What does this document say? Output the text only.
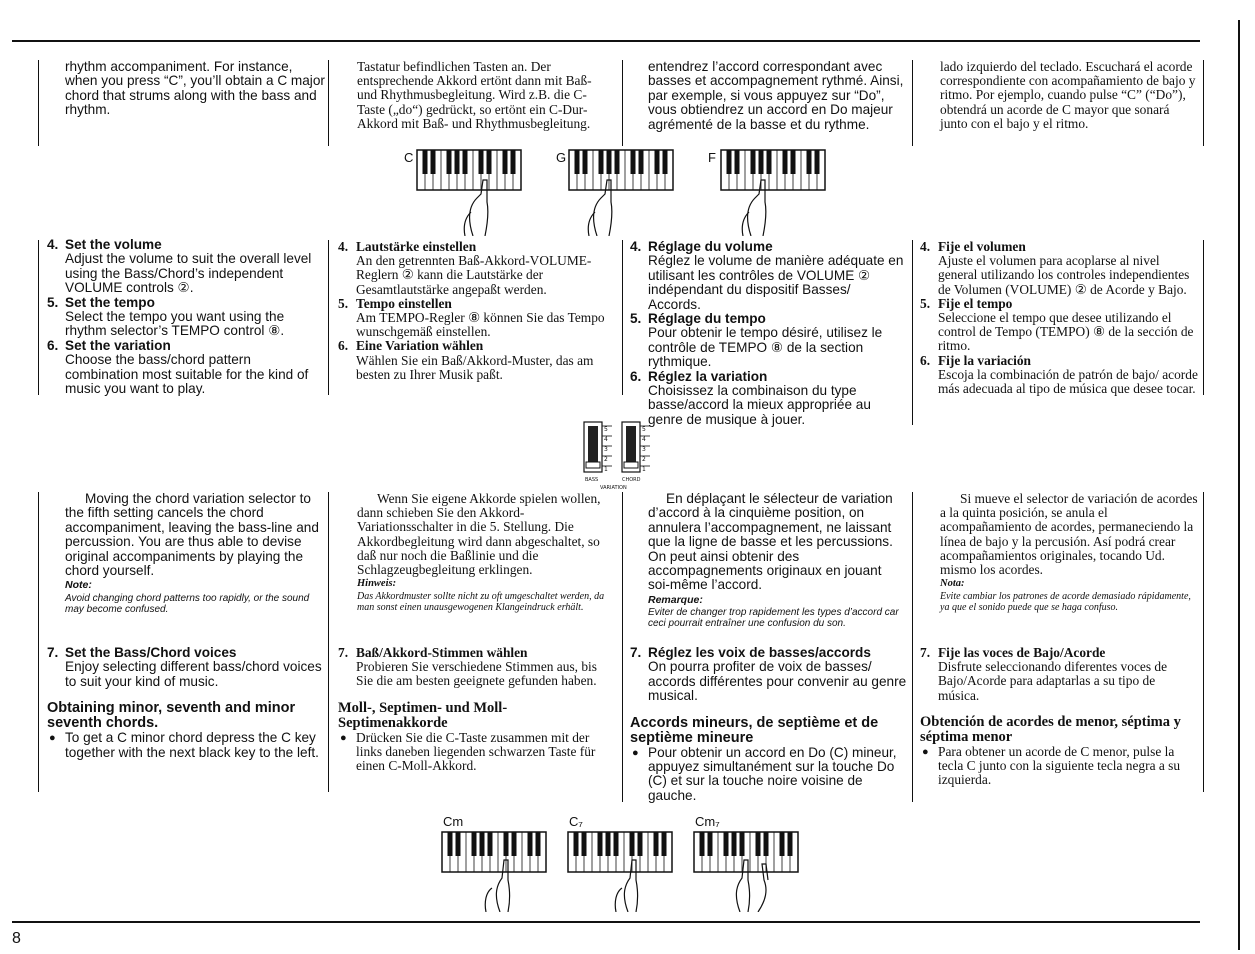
rhythm accompaniment. For instance, when you press “C”, you’ll obtain a C major chord that strums along with the bass and rhythm.
Tastatur befindlichen Tasten an. Der entsprechende Akkord ertönt dann mit Baß- und Rhythmusbegleitung. Wird z.B. die C-Taste („do“) gedrückt, so ertönt ein C-Dur-Akkord mit Baß- und Rhythmusbegleitung.
entendrez l’accord correspondant avec basses et accompagnement rythmé. Ainsi, par exemple, si vous appuyez sur “Do”, vous obtiendrez un accord en Do majeur agrémenté de la basse et du rythme.
lado izquierdo del teclado. Escuchará el acorde correspondiente con acompañamiento de bajo y ritmo. Por ejemplo, cuando pulse “C” (“Do”), obtendrá un acorde de C mayor que sonará junto con el bajo y el ritmo.
C	G	F
4. Set the volume
Adjust the volume to suit the overall level using the Bass/Chord’s independent VOLUME controls ②.
5. Set the tempo
Select the tempo you want using the rhythm selector’s TEMPO control ⑧.
6. Set the variation
Choose the bass/chord pattern combination most suitable for the kind of music you want to play.
4. Lautstärke einstellen
An den getrennten Baß-Akkord-VOLUME-Reglern ② kann die Lautstärke der Gesamtlautstärke angepaßt werden.
5. Tempo einstellen
Am TEMPO-Regler ⑧ können Sie das Tempo wunschgemäß einstellen.
6. Eine Variation wählen
Wählen Sie ein Baß/Akkord-Muster, das am besten zu Ihrer Musik paßt.
4. Réglage du volume
Réglez le volume de manière adéquate en utilisant les contrôles de VOLUME ② indépendant du dispositif Basses/ Accords.
5. Réglage du tempo
Pour obtenir le tempo désiré, utilisez le contrôle de TEMPO ⑧ de la section rythmique.
6. Réglez la variation
Choisissez la combinaison du type basse/accord la mieux appropriée au genre de musique à jouer.
4. Fije el volumen
Ajuste el volumen para acoplarse al nivel general utilizando los controles independientes de Volumen (VOLUME) ② de Acorde y Bajo.
5. Fije el tempo
Seleccione el tempo que desee utilizando el control de Tempo (TEMPO) ⑧ de la sección de ritmo.
6. Fije la variación
Escoja la combinación de patrón de bajo/ acorde más adecuada al tipo de música que desee tocar.
5
4
3
2
1
5
4
3
2
1
BASS	CHORD
VARIATION
Moving the chord variation selector to the fifth setting cancels the chord accompaniment, leaving the bass-line and percussion. You are thus able to devise original accompaniments by playing the chord yourself.
Note:
Avoid changing chord patterns too rapidly, or the sound may become confused.
Wenn Sie eigene Akkorde spielen wollen, dann schieben Sie den Akkord-Variationsschalter in die 5. Stellung. Die Akkordbegleitung wird dann abgeschaltet, so daß nur noch die Baßlinie und die Schlagzeugbegleitung erklingen.
Hinweis:
Das Akkordmuster sollte nicht zu oft umgeschaltet werden, da man sonst einen unausgewogenen Klangeindruck erhält.
En déplaçant le sélecteur de variation d’accord à la cinquième position, on annulera l’accompagnement, ne laissant que la ligne de basse et les percussions. On peut ainsi obtenir des accompagnements originaux en jouant soi-même l’accord.
Remarque:
Eviter de changer trop rapidement les types d’accord car ceci pourrait entraîner une confusion du son.
Si mueve el selector de variación de acordes a la quinta posición, se anula el acompañamiento de acordes, permaneciendo la línea de bajo y la percusión. Así podrá crear acompañamientos originales, tocando Ud. mismo los acordes.
Nota:
Evite cambiar los patrones de acorde demasiado rápidamente, ya que el sonido puede que se haga confuso.
7. Set the Bass/Chord voices
Enjoy selecting different bass/chord voices to suit your kind of music.
Obtaining minor, seventh and minor seventh chords.
● To get a C minor chord depress the C key together with the next black key to the left.
7. Baß/Akkord-Stimmen wählen
Probieren Sie verschiedene Stimmen aus, bis Sie die am besten geeignete gefunden haben.
Moll-, Septimen- und Moll-Septimenakkorde
● Drücken Sie die C-Taste zusammen mit der links daneben liegenden schwarzen Taste für einen C-Moll-Akkord.
7. Réglez les voix de basses/accords
On pourra profiter de voix de basses/ accords différentes pour convenir au genre musical.
Accords mineurs, de septième et de septième mineure
● Pour obtenir un accord en Do (C) mineur, appuyez simultanément sur la touche Do (C) et sur la touche noire voisine de gauche.
7. Fije las voces de Bajo/Acorde
Disfrute seleccionando diferentes voces de Bajo/Acorde para adaptarlas a su tipo de música.
Obtención de acordes de menor, séptima y séptima menor
● Para obtener un acorde de C menor, pulse la tecla C junto con la siguiente tecla negra a su izquierda.
Cm	C₇	Cm₇
8
